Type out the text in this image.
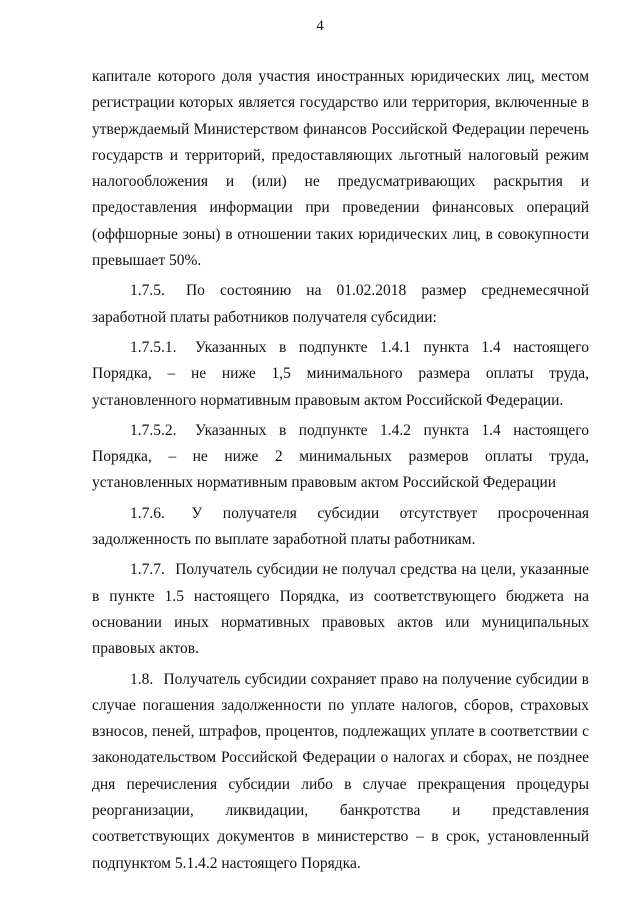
4

капитале которого доля участия иностранных юридических лиц, местом регистрации которых является государство или территория, включенные в утверждаемый Министерством финансов Российской Федерации перечень государств и территорий, предоставляющих льготный налоговый режим налогообложения и (или) не предусматривающих раскрытия и предоставления информации при проведении финансовых операций (оффшорные зоны) в отношении таких юридических лиц, в совокупности превышает 50%.

1.7.5. По состоянию на 01.02.2018 размер среднемесячной заработной платы работников получателя субсидии:

1.7.5.1. Указанных в подпункте 1.4.1 пункта 1.4 настоящего Порядка, – не ниже 1,5 минимального размера оплаты труда, установленного нормативным правовым актом Российской Федерации.

1.7.5.2. Указанных в подпункте 1.4.2 пункта 1.4 настоящего Порядка, – не ниже 2 минимальных размеров оплаты труда, установленных нормативным правовым актом Российской Федерации

1.7.6. У получателя субсидии отсутствует просроченная задолженность по выплате заработной платы работникам.

1.7.7. Получатель субсидии не получал средства на цели, указанные в пункте 1.5 настоящего Порядка, из соответствующего бюджета на основании иных нормативных правовых актов или муниципальных правовых актов.

1.8. Получатель субсидии сохраняет право на получение субсидии в случае погашения задолженности по уплате налогов, сборов, страховых взносов, пеней, штрафов, процентов, подлежащих уплате в соответствии с законодательством Российской Федерации о налогах и сборах, не позднее дня перечисления субсидии либо в случае прекращения процедуры реорганизации, ликвидации, банкротства и представления соответствующих документов в министерство – в срок, установленный подпунктом 5.1.4.2 настоящего Порядка.
